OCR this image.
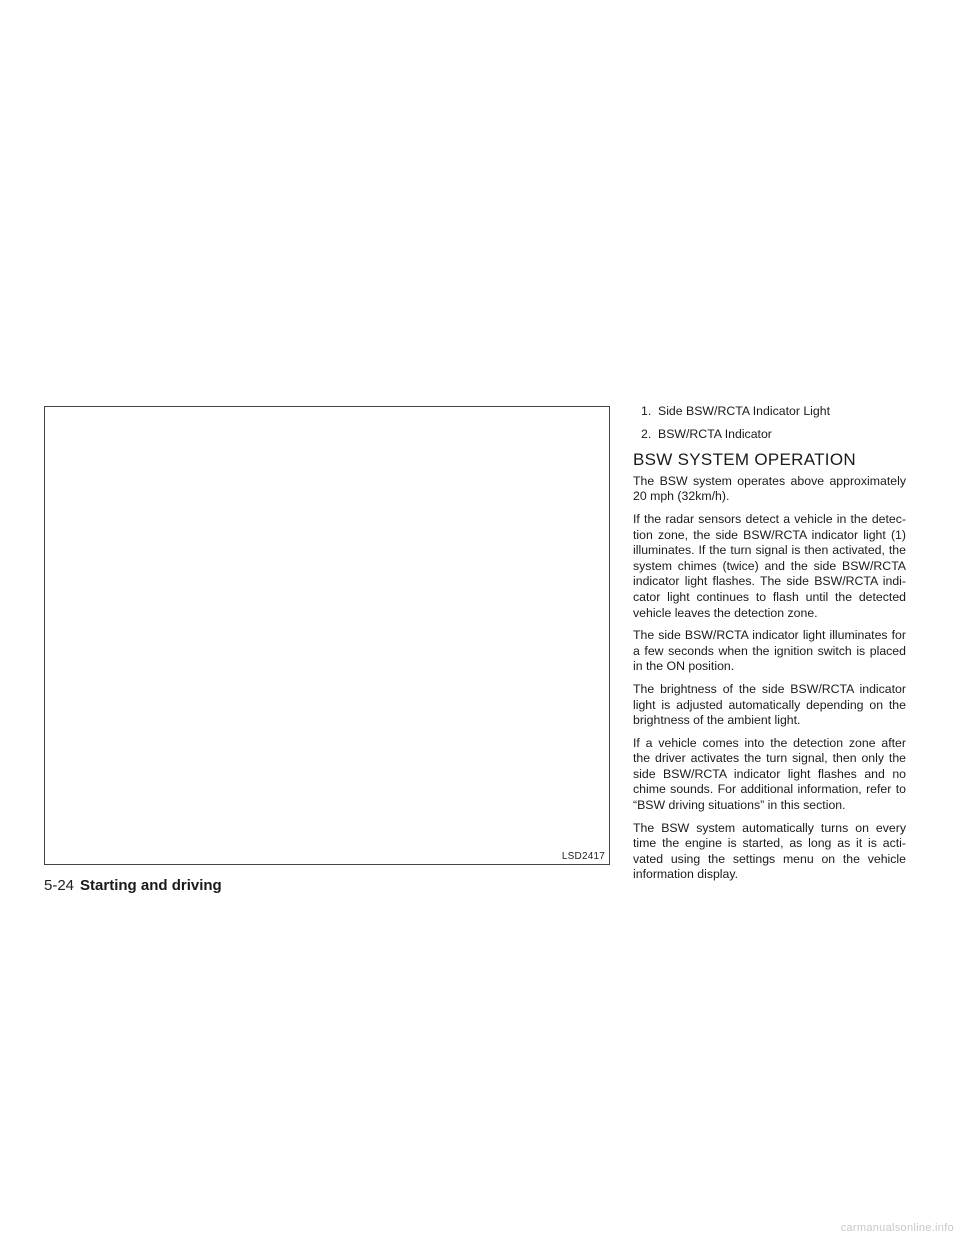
LSD2417
5-24 Starting and driving
1. Side BSW/RCTA Indicator Light
2. BSW/RCTA Indicator
BSW SYSTEM OPERATION

The BSW system operates above approximately 20 mph (32km/h).

If the radar sensors detect a vehicle in the detec- tion zone, the side BSW/RCTA indicator light (1) illuminates. If the turn signal is then activated, the system chimes (twice) and the side BSW/RCTA indicator light flashes. The side BSW/RCTA indi- cator light continues to flash until the detected vehicle leaves the detection zone.

The side BSW/RCTA indicator light illuminates for a few seconds when the ignition switch is placed in the ON position.

The brightness of the side BSW/RCTA indicator light is adjusted automatically depending on the brightness of the ambient light.

If a vehicle comes into the detection zone after the driver activates the turn signal, then only the side BSW/RCTA indicator light flashes and no chime sounds. For additional information, refer to “BSW driving situations” in this section.

The BSW system automatically turns on every time the engine is started, as long as it is acti- vated using the settings menu on the vehicle information display.

carmanualsonline.info
